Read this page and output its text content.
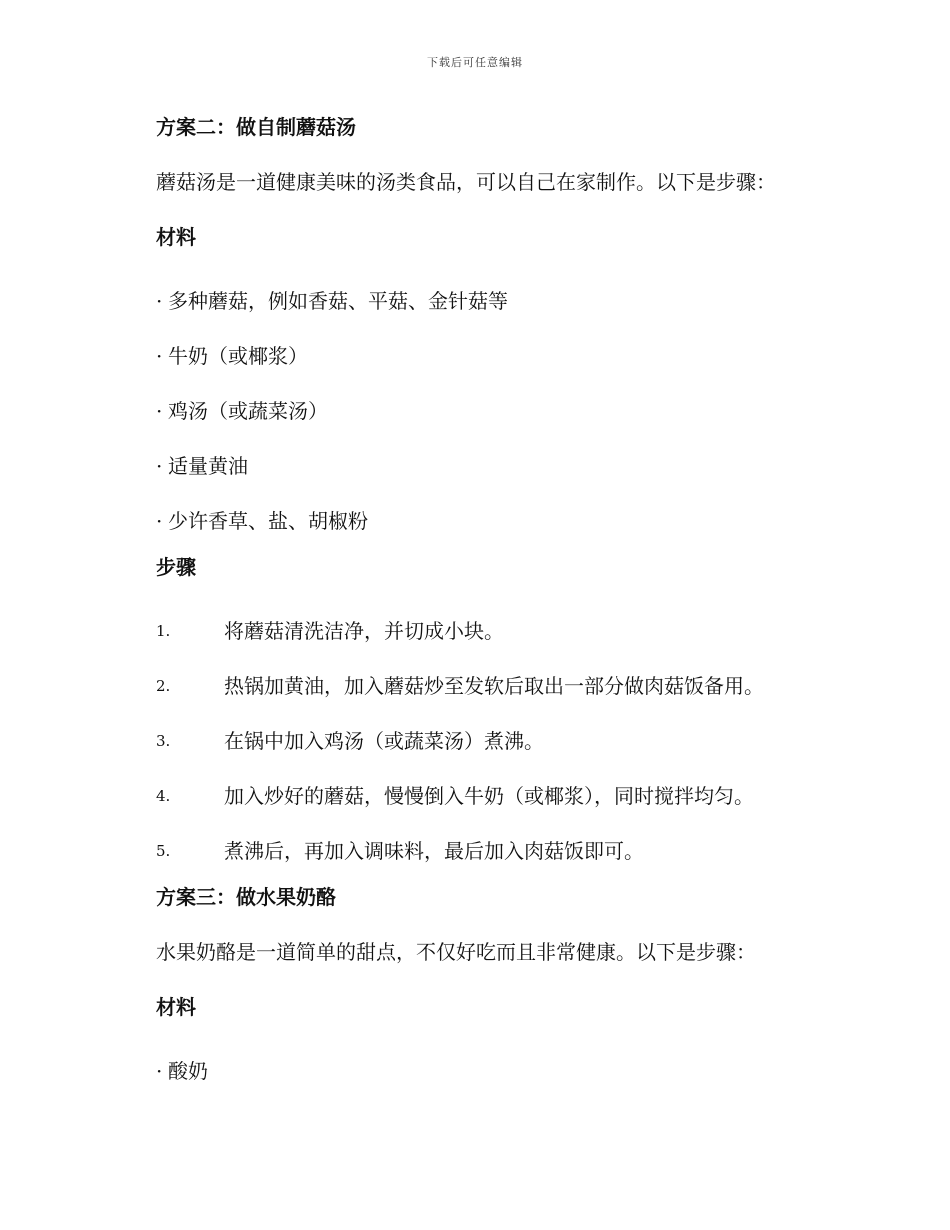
下载后可任意编辑
方案二：做自制蘑菇汤
蘑菇汤是一道健康美味的汤类食品，可以自己在家制作。以下是步骤：
材料
· 多种蘑菇，例如香菇、平菇、金针菇等
· 牛奶（或椰浆）
· 鸡汤（或蔬菜汤）
· 适量黄油
· 少许香草、盐、胡椒粉
步骤
1.	将蘑菇清洗洁净，并切成小块。
2.	热锅加黄油，加入蘑菇炒至发软后取出一部分做肉菇饭备用。
3.	在锅中加入鸡汤（或蔬菜汤）煮沸。
4.	加入炒好的蘑菇，慢慢倒入牛奶（或椰浆），同时搅拌均匀。
5.	煮沸后，再加入调味料，最后加入肉菇饭即可。
方案三：做水果奶酪
水果奶酪是一道简单的甜点，不仅好吃而且非常健康。以下是步骤：
材料
· 酸奶
